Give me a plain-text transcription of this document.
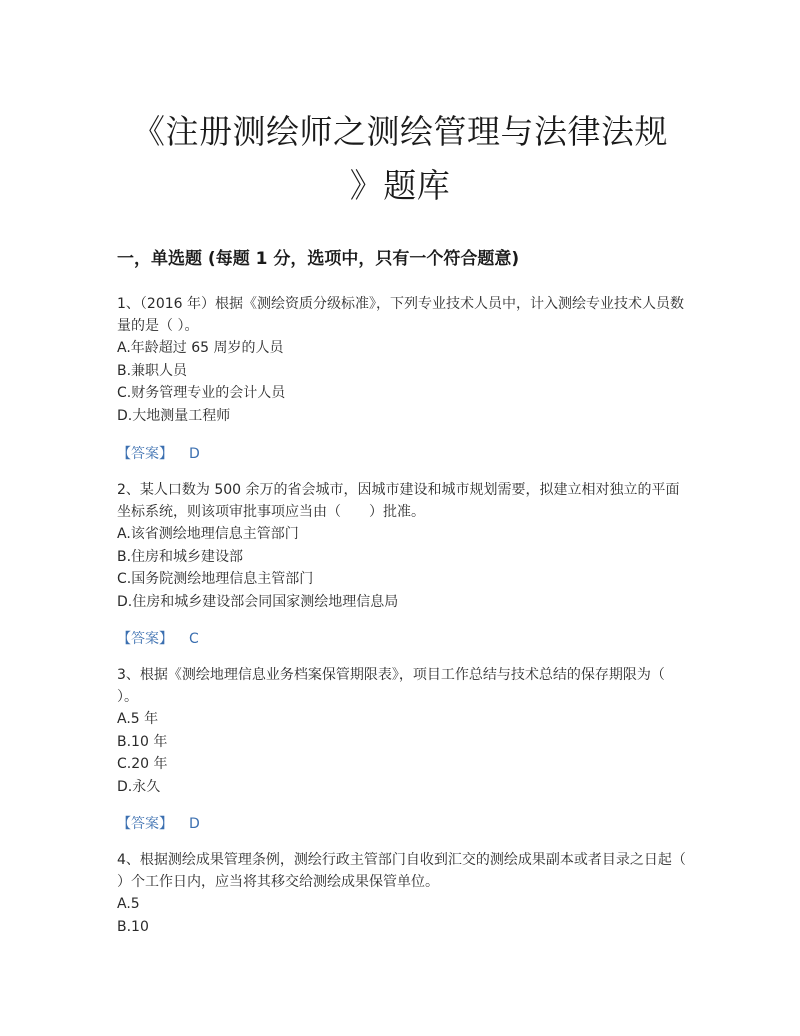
《注册测绘师之测绘管理与法律法规
》题库
一，单选题 (每题 1 分，选项中，只有一个符合题意)

1、（2016 年）根据《测绘资质分级标准》，下列专业技术人员中，计入测绘专业技术人员数量的是（ ）。

A.年龄超过 65 周岁的人员

B.兼职人员

C.财务管理专业的会计人员

D.大地测量工程师

【答案】 D

2、某人口数为 500 余万的省会城市，因城市建设和城市规划需要，拟建立相对独立的平面坐标系统，则该项审批事项应当由（　　）批准。

A.该省测绘地理信息主管部门

B.住房和城乡建设部

C.国务院测绘地理信息主管部门

D.住房和城乡建设部会同国家测绘地理信息局

【答案】 C

3、根据《测绘地理信息业务档案保管期限表》，项目工作总结与技术总结的保存期限为（ ）。

A.5 年

B.10 年

C.20 年

D.永久

【答案】 D

4、根据测绘成果管理条例，测绘行政主管部门自收到汇交的测绘成果副本或者目录之日起（ ）个工作日内，应当将其移交给测绘成果保管单位。

A.5

B.10
